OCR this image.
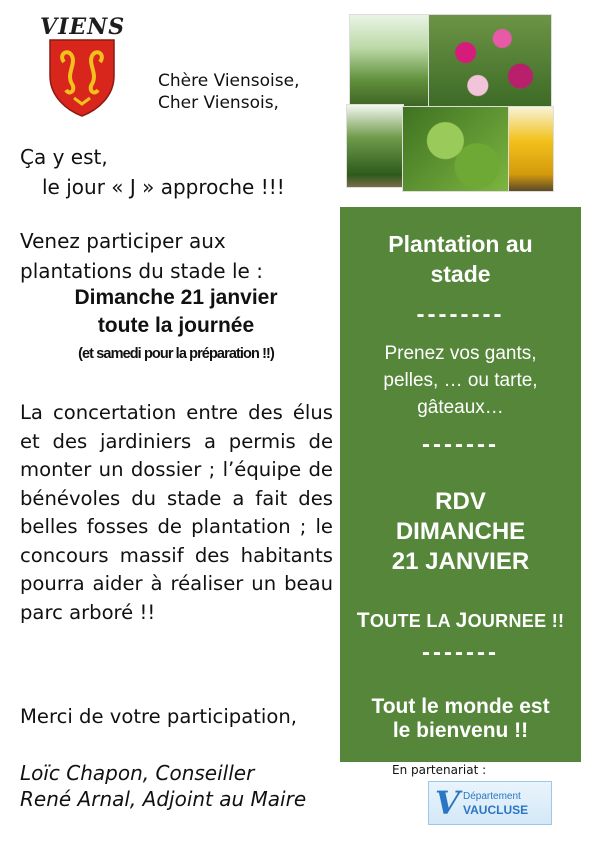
VIENS
Chère Viensoise,
Cher Viensois,
Ça y est,
le jour « J » approche !!!
Venez participer aux
plantations du stade le :
Dimanche 21 janvier
toute la journée
(et samedi pour la préparation !!)
La concertation entre des élus et des jardiniers a permis de monter un dossier ; l’équipe de bénévoles du stade a fait des belles fosses de plantation ; le concours massif des habitants pourra aider à réaliser un beau parc arboré !!
Merci de votre participation,
Loïc Chapon, Conseiller
René Arnal, Adjoint au Maire
Plantation au
stade
--------
Prenez vos gants,
pelles, … ou tarte,
gâteaux…
-------
RDV
DIMANCHE
21 JANVIER
TOUTE LA JOURNEE !!
-------
Tout le monde est
le bienvenu !!
En partenariat :
V Département
VAUCLUSE
